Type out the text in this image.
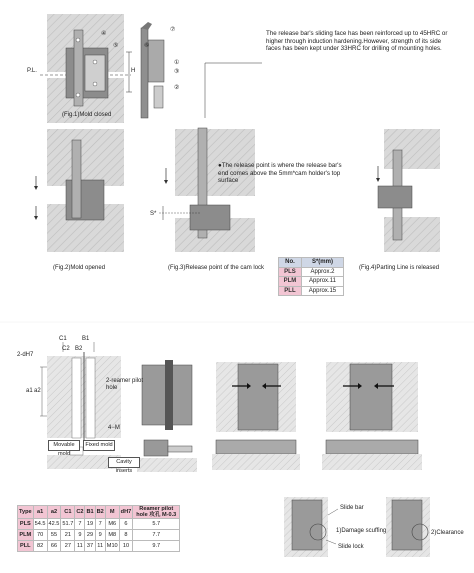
P.L.	H
④
⑤	⑥
⑦
①
③
②
(Fig.1)Mold closed
The release bar's sliding face has been reinforced up to 45HRC or higher through induction hardening.However, strength of its side faces has been kept under 33HRC for drilling of mounting holes.
●The release point is where the release bar's end comes above the 5mm*cam holder's top surface
(Fig.2)Mold opened	(Fig.3)Release point of the cam lock
S*
(Fig.4)Parting Line is released
No.	S*(mm)
PLS	Approx.2
PLM	Approx.11
PLL	Approx.15
C1	B1
C2 B2
2-dH7
a1 a2
2-reamer pilot hole
4−M
Movable mold
Fixed mold
Cavity inserts
Type	a1	a2	C1	C2	B1	B2	M	dH7	Reamer pilot hole 攻孔 M-0.3
PLS	54.5	42.5	51.7	7	19	7	M6	6	5.7
PLM	70	55	21	9	29	9	M8	8	7.7
PLL	82	66	27	11	37	11	M10	10	9.7
Slide bar
1)Damage scuffing	2)Clearance
Slide lock
